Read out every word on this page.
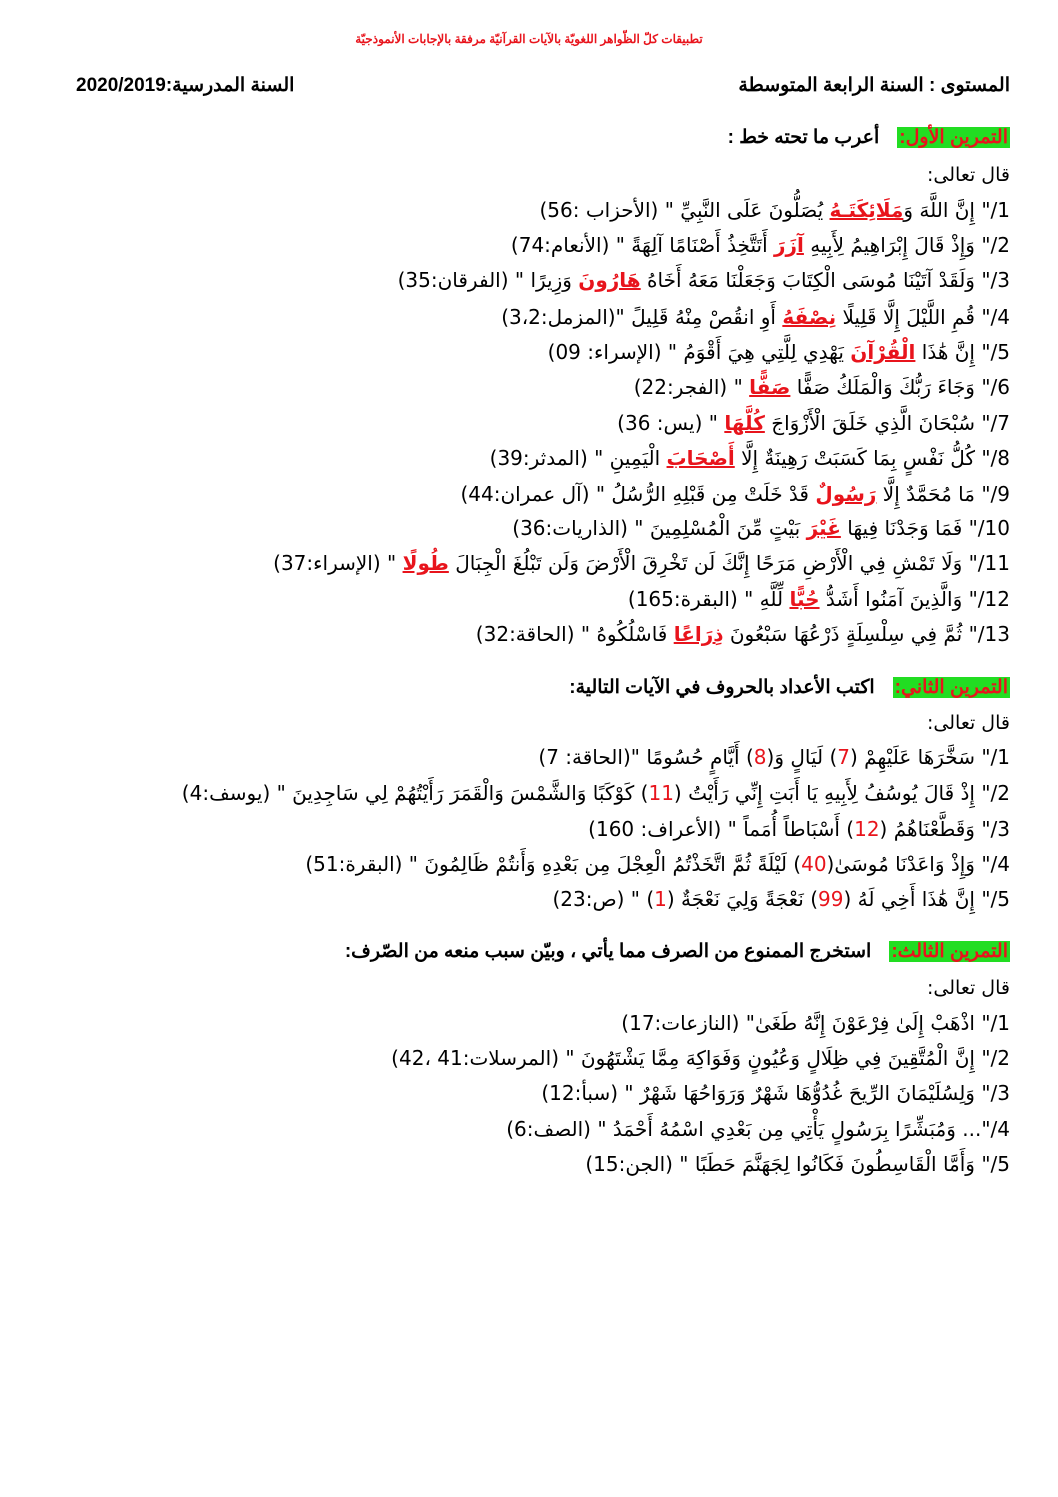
تطبيقات كلّ الظّواهر اللغويّة بالآيات القرآنيّة مرفقة بالإجابات الأنموذجيّة
المستوى : السنة الرابعة المتوسطة
السنة المدرسية:2020/2019
التمرين الأول:أعرب ما تحته خط :
قال تعالى:
1/" إِنَّ اللَّهَ وَمَلَائِكَتَـهُ يُصَلُّونَ عَلَى النَّبِيِّ " (الأحزاب :56)
2/" وَإِذْ قَالَ إِبْرَاهِيمُ لِأَبِيهِ آزَرَ أَتَتَّخِذُ أَصْنَامًا آلِهَةً " (الأنعام:74)
3/" وَلَقَدْ آتَيْنَا مُوسَى الْكِتَابَ وَجَعَلْنَا مَعَهُ أَخَاهُ هَارُونَ وَزِيرًا " (الفرقان:35)
4/" قُمِ اللَّيْلَ إِلَّا قَلِيلًا نِصْفَهُ أَوِ انقُصْ مِنْهُ قَلِيلً "(المزمل:3،2)
5/" إِنَّ هَٰذَا الْقُرْآنَ يَهْدِي لِلَّتِي هِيَ أَقْوَمُ " (الإسراء: 09)
6/" وَجَاءَ رَبُّكَ وَالْمَلَكُ صَفًّا صَفًّا " (الفجر:22)
7/" سُبْحَانَ الَّذِي خَلَقَ الْأَزْوَاجَ كُلَّهَا " (يس: 36)
8/" كُلُّ نَفْسٍ بِمَا كَسَبَتْ رَهِينَةٌ إِلَّا أَصْحَابَ الْيَمِينِ " (المدثر:39)
9/" مَا مُحَمَّدٌ إِلَّا رَسُولٌ قَدْ خَلَتْ مِن قَبْلِهِ الرُّسُلُ " (آل عمران:44)
10/" فَمَا وَجَدْنَا فِيهَا غَيْرَ بَيْتٍ مِّنَ الْمُسْلِمِينَ " (الذاريات:36)
11/" وَلَا تَمْشِ فِي الْأَرْضِ مَرَحًا إِنَّكَ لَن تَخْرِقَ الْأَرْضَ وَلَن تَبْلُغَ الْجِبَالَ طُولًا " (الإسراء:37)
12/" وَالَّذِينَ آمَنُوا أَشَدُّ حُبًّا لِّلَّهِ " (البقرة:165)
13/" ثُمَّ فِي سِلْسِلَةٍ ذَرْعُهَا سَبْعُونَ ذِرَاعًا فَاسْلُكُوهُ " (الحاقة:32)
التمرين الثاني:اكتب الأعداد بالحروف في الآيات التالية:
قال تعالى:
1/" سَخَّرَهَا عَلَيْهِمْ (7) لَيَالٍ وَ(8) أَيَّامٍ حُسُومًا "(الحاقة: 7)
2/" إِذْ قَالَ يُوسُفُ لِأَبِيهِ يَا أَبَتِ إِنِّي رَأَيْتُ (11) كَوْكَبًا وَالشَّمْسَ وَالْقَمَرَ رَأَيْتُهُمْ لِي سَاجِدِينَ " (يوسف:4)
3/" وَقَطَّعْنَاهُمُ (12) أَسْبَاطاً أُمَماً " (الأعراف: 160)
4/" وَإِذْ وَاعَدْنَا مُوسَىٰ(40) لَيْلَةً ثُمَّ اتَّخَذْتُمُ الْعِجْلَ مِن بَعْدِهِ وَأَنتُمْ ظَالِمُونَ " (البقرة:51)
5/" إِنَّ هَٰذَا أَخِي لَهُ (99) نَعْجَةً وَلِيَ نَعْجَةٌ (1) " (ص:23)
التمرين الثالث:استخرج الممنوع من الصرف مما يأتي ، وبيّن سبب منعه من الصّرف:
قال تعالى:
1/" اذْهَبْ إِلَىٰ فِرْعَوْنَ إِنَّهُ طَغَىٰ" (النازعات:17)
2/" إِنَّ الْمُتَّقِينَ فِي ظِلَالٍ وَعُيُونٍ وَفَوَاكِهَ مِمَّا يَشْتَهُونَ " (المرسلات:41 ،42)
3/" وَلِسُلَيْمَانَ الرِّيحَ غُدُوُّهَا شَهْرٌ وَرَوَاحُهَا شَهْرٌ " (سبأ:12)
4/"... وَمُبَشِّرًا بِرَسُولٍ يَأْتِي مِن بَعْدِي اسْمُهُ أَحْمَدُ " (الصف:6)
5/" وَأَمَّا الْقَاسِطُونَ فَكَانُوا لِجَهَنَّمَ حَطَبًا " (الجن:15)
